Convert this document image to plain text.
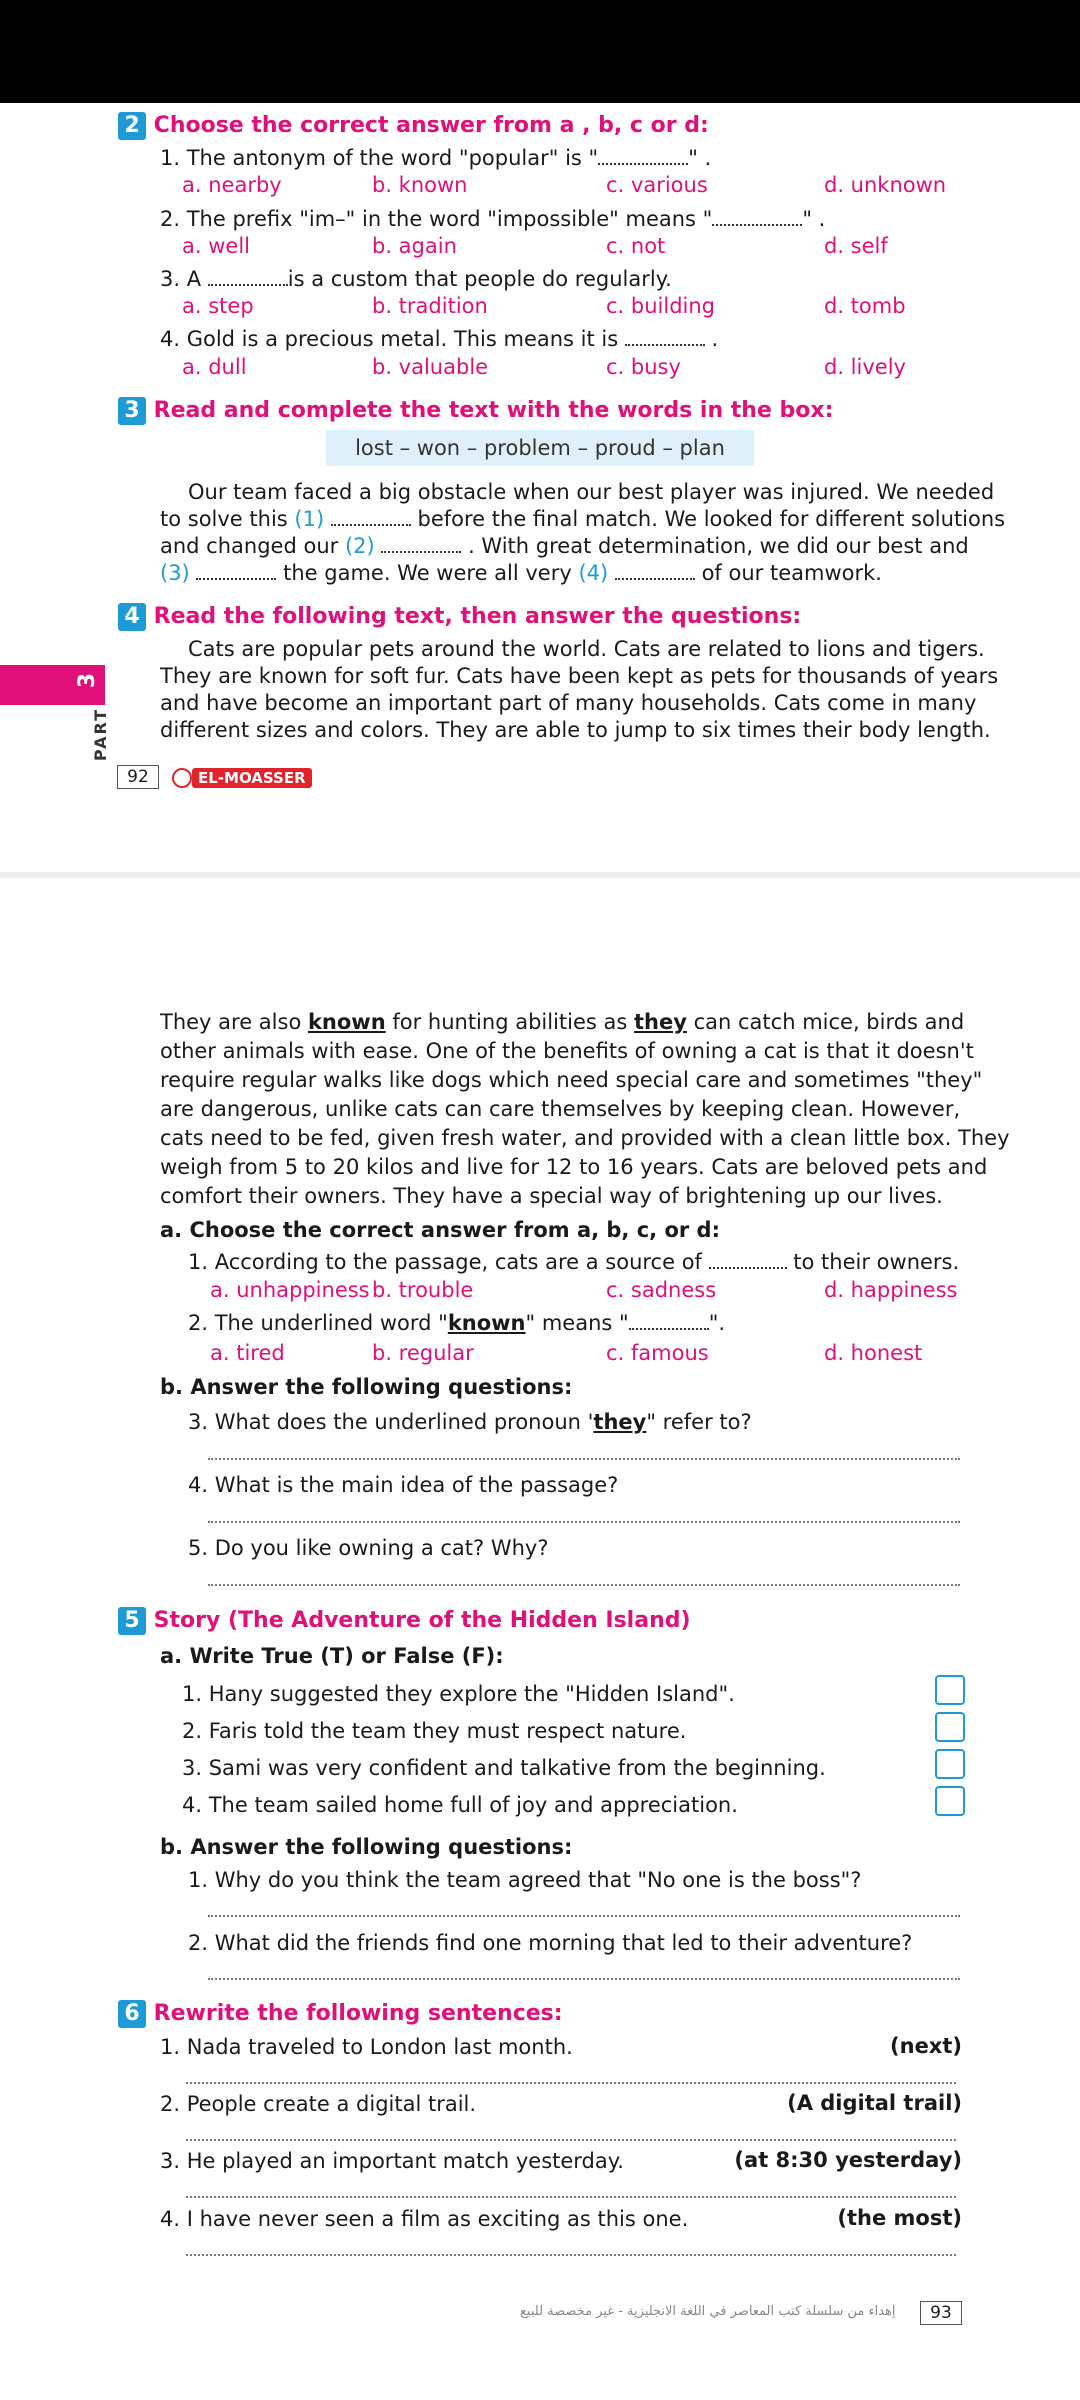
2 Choose the correct answer from a , b, c or d:
1. The antonym of the word "popular" is "	" .
a. nearby	b. known	c. various	d. unknown
2. The prefix "im–" in the word "impossible" means "	" .
a. well	b. again	c. not	d. self
3. A	is a custom that people do regularly.
a. step	b. tradition	c. building	d. tomb
4. Gold is a precious metal. This means it is	.
a. dull	b. valuable	c. busy	d. lively
3 Read and complete the text with the words in the box:
lost – won – problem – proud – plan
Our team faced a big obstacle when our best player was injured. We needed
to solve this (1)	before the final match. We looked for different solutions
and changed our (2)	. With great determination, we did our best and
(3)	the game. We were all very (4)	of our teamwork.
4 Read the following text, then answer the questions:
Cats are popular pets around the world. Cats are related to lions and tigers.
They are known for soft fur. Cats have been kept as pets for thousands of years
and have become an important part of many households. Cats come in many
different sizes and colors. They are able to jump to six times their body length.
3
PART
92	EL-MOASSER
They are also known for hunting abilities as they can catch mice, birds and
other animals with ease. One of the benefits of owning a cat is that it doesn't
require regular walks like dogs which need special care and sometimes "they"
are dangerous, unlike cats can care themselves by keeping clean. However,
cats need to be fed, given fresh water, and provided with a clean little box. They
weigh from 5 to 20 kilos and live for 12 to 16 years. Cats are beloved pets and
comfort their owners. They have a special way of brightening up our lives.
a. Choose the correct answer from a, b, c, or d:
1. According to the passage, cats are a source of	to their owners.
a. unhappiness b. trouble	c. sadness	d. happiness
2. The underlined word "known" means "	".
a. tired	b. regular	c. famous	d. honest
b. Answer the following questions:
3. What does the underlined pronoun 'they" refer to?
4. What is the main idea of the passage?
5. Do you like owning a cat? Why?
5 Story (The Adventure of the Hidden Island)
a. Write True (T) or False (F):
1. Hany suggested they explore the "Hidden Island".
2. Faris told the team they must respect nature.
3. Sami was very confident and talkative from the beginning.
4. The team sailed home full of joy and appreciation.
b. Answer the following questions:
1. Why do you think the team agreed that "No one is the boss"?
2. What did the friends find one morning that led to their adventure?
6 Rewrite the following sentences:
1. Nada traveled to London last month.	(next)
2. People create a digital trail.	(A digital trail)
3. He played an important match yesterday.	(at 8:30 yesterday)
4. I have never seen a film as exciting as this one.	(the most)
إهداء من سلسلة كتب المعاصر في اللغة الانجليزية - غير مخصصة للبيع	93
